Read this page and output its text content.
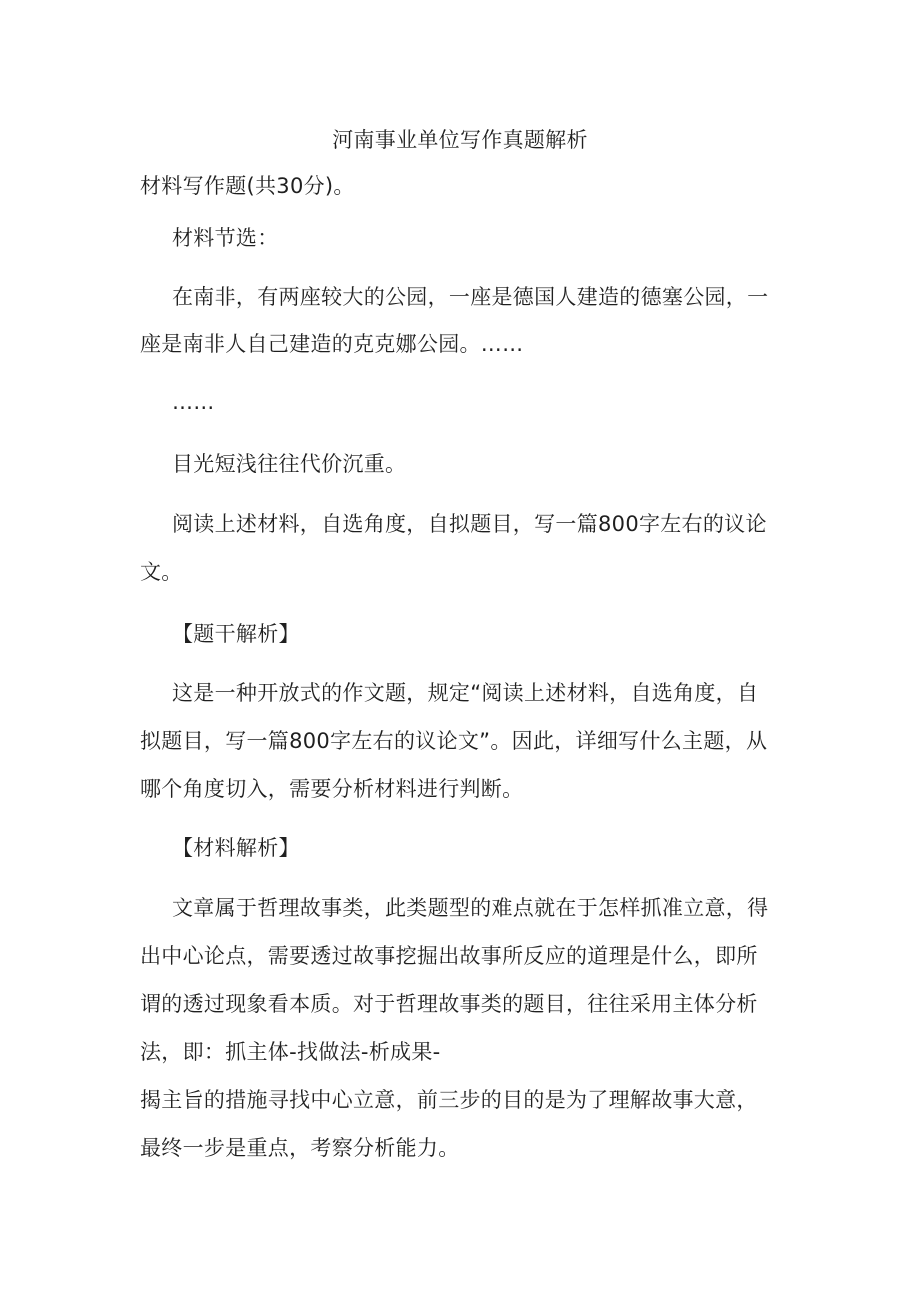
河南事业单位写作真题解析
材料写作题(共30分)。
材料节选：
在南非，有两座较大的公园，一座是德国人建造的德塞公园，一
座是南非人自己建造的克克娜公园。……
……
目光短浅往往代价沉重。
阅读上述材料，自选角度，自拟题目，写一篇800字左右的议论
文。
【题干解析】
这是一种开放式的作文题，规定“阅读上述材料，自选角度，自
拟题目，写一篇800字左右的议论文”。因此，详细写什么主题，从
哪个角度切入，需要分析材料进行判断。
【材料解析】
文章属于哲理故事类，此类题型的难点就在于怎样抓准立意，得
出中心论点，需要透过故事挖掘出故事所反应的道理是什么，即所
谓的透过现象看本质。对于哲理故事类的题目，往往采用主体分析
法，即：抓主体-找做法-析成果-
揭主旨的措施寻找中心立意，前三步的目的是为了理解故事大意，
最终一步是重点，考察分析能力。
